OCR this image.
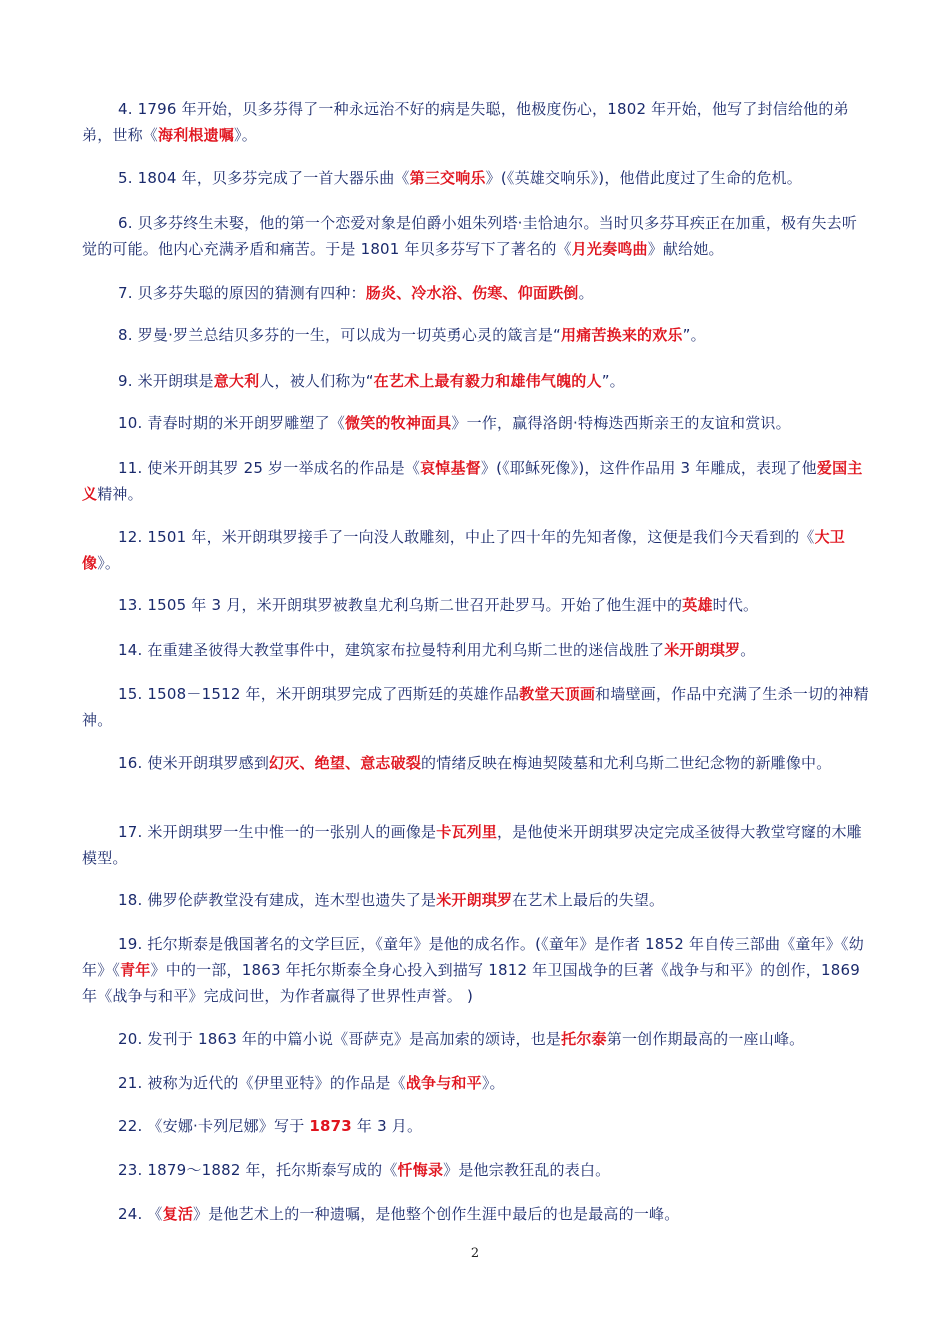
4. 1796 年开始，贝多芬得了一种永远治不好的病是失聪，他极度伤心，1802 年开始，他写了封信给他的弟弟，世称《海利根遗嘱》。

5. 1804 年，贝多芬完成了一首大器乐曲《第三交响乐》(《英雄交响乐》)，他借此度过了生命的危机。

6. 贝多芬终生未娶，他的第一个恋爱对象是伯爵小姐朱列塔·圭恰迪尔。当时贝多芬耳疾正在加重，极有失去听觉的可能。他内心充满矛盾和痛苦。于是 1801 年贝多芬写下了著名的《月光奏鸣曲》献给她。

7. 贝多芬失聪的原因的猜测有四种：肠炎、冷水浴、伤寒、仰面跌倒。

8. 罗曼·罗兰总结贝多芬的一生，可以成为一切英勇心灵的箴言是“用痛苦换来的欢乐”。

9. 米开朗琪是意大利人，被人们称为“在艺术上最有毅力和雄伟气魄的人”。

10. 青春时期的米开朗罗雕塑了《微笑的牧神面具》一作，赢得洛朗·特梅迭西斯亲王的友谊和赏识。

11. 使米开朗其罗 25 岁一举成名的作品是《哀悼基督》(《耶稣死像》)，这件作品用 3 年雕成，表现了他爱国主义精神。

12. 1501 年，米开朗琪罗接手了一向没人敢雕刻，中止了四十年的先知者像，这便是我们今天看到的《大卫像》。

13. 1505 年 3 月，米开朗琪罗被教皇尤利乌斯二世召开赴罗马。开始了他生涯中的英雄时代。

14. 在重建圣彼得大教堂事件中，建筑家布拉曼特利用尤利乌斯二世的迷信战胜了米开朗琪罗。

15. 1508－1512 年，米开朗琪罗完成了西斯廷的英雄作品教堂天顶画和墙壁画，作品中充满了生杀一切的神精神。

16. 使米开朗琪罗感到幻灭、绝望、意志破裂的情绪反映在梅迪契陵墓和尤利乌斯二世纪念物的新雕像中。

17. 米开朗琪罗一生中惟一的一张别人的画像是卡瓦列里，是他使米开朗琪罗决定完成圣彼得大教堂穹窿的木雕模型。

18. 佛罗伦萨教堂没有建成，连木型也遗失了是米开朗琪罗在艺术上最后的失望。

19. 托尔斯泰是俄国著名的文学巨匠，《童年》是他的成名作。(《童年》是作者 1852 年自传三部曲《童年》《幼年》《青年》中的一部，1863 年托尔斯泰全身心投入到描写 1812 年卫国战争的巨著《战争与和平》的创作，1869 年《战争与和平》完成问世，为作者赢得了世界性声誉。 )

20. 发刊于 1863 年的中篇小说《哥萨克》是高加索的颂诗，也是托尔泰第一创作期最高的一座山峰。

21. 被称为近代的《伊里亚特》的作品是《战争与和平》。

22. 《安娜·卡列尼娜》写于 1873 年 3 月。

23. 1879～1882 年，托尔斯泰写成的《忏悔录》是他宗教狂乱的表白。

24. 《复活》是他艺术上的一种遗嘱，是他整个创作生涯中最后的也是最高的一峰。

2
